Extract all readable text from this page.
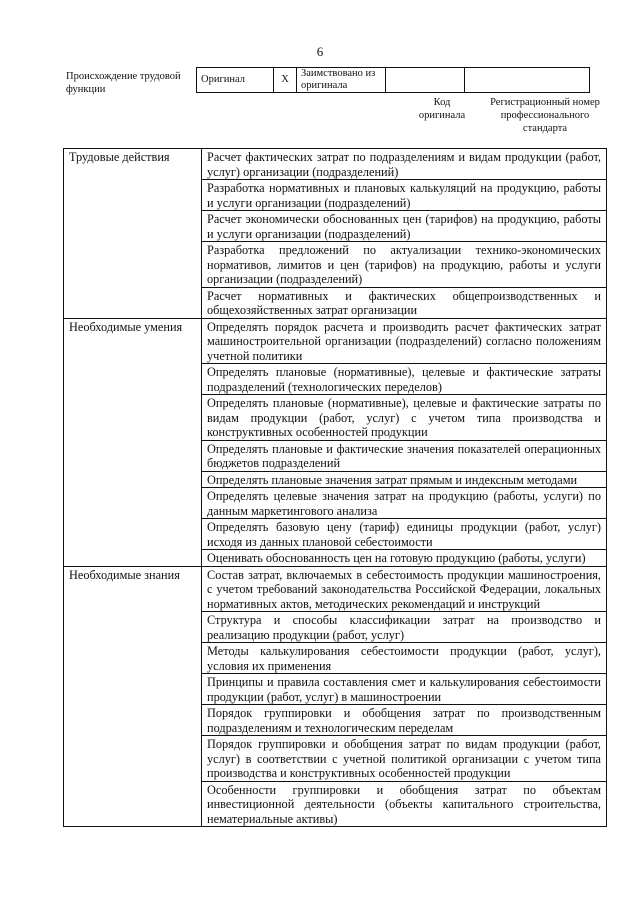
6
Происхождение трудовой функции
Оригинал	X	Заимствовано из оригинала		
Код оригинала
Регистрационный номер профессионального стандарта
Трудовые действия	Расчет фактических затрат по подразделениям и видам продукции (работ, услуг) организации (подразделений)
	Разработка нормативных и плановых калькуляций на продукцию, работы и услуги организации (подразделений)
	Расчет экономически обоснованных цен (тарифов) на продукцию, работы и услуги организации (подразделений)
	Разработка предложений по актуализации технико-экономических нормативов, лимитов и цен (тарифов) на продукцию, работы и услуги организации (подразделений)
	Расчет нормативных и фактических общепроизводственных и общехозяйственных затрат организации
Необходимые умения	Определять порядок расчета и производить расчет фактических затрат машиностроительной организации (подразделений) согласно положениям учетной политики
	Определять плановые (нормативные), целевые и фактические затраты подразделений (технологических переделов)
	Определять плановые (нормативные), целевые и фактические затраты по видам продукции (работ, услуг) с учетом типа производства и конструктивных особенностей продукции
	Определять плановые и фактические значения показателей операционных бюджетов подразделений
	Определять плановые значения затрат прямым и индексным методами
	Определять целевые значения затрат на продукцию (работы, услуги) по данным маркетингового анализа
	Определять базовую цену (тариф) единицы продукции (работ, услуг) исходя из данных плановой себестоимости
	Оценивать обоснованность цен на готовую продукцию (работы, услуги)
Необходимые знания	Состав затрат, включаемых в себестоимость продукции машиностроения, с учетом требований законодательства Российской Федерации, локальных нормативных актов, методических рекомендаций и инструкций
	Структура и способы классификации затрат на производство и реализацию продукции (работ, услуг)
	Методы калькулирования себестоимости продукции (работ, услуг), условия их применения
	Принципы и правила составления смет и калькулирования себестоимости продукции (работ, услуг) в машиностроении
	Порядок группировки и обобщения затрат по производственным подразделениям и технологическим переделам
	Порядок группировки и обобщения затрат по видам продукции (работ, услуг) в соответствии с учетной политикой организации с учетом типа производства и конструктивных особенностей продукции
	Особенности группировки и обобщения затрат по объектам инвестиционной деятельности (объекты капитального строительства, нематериальные активы)
